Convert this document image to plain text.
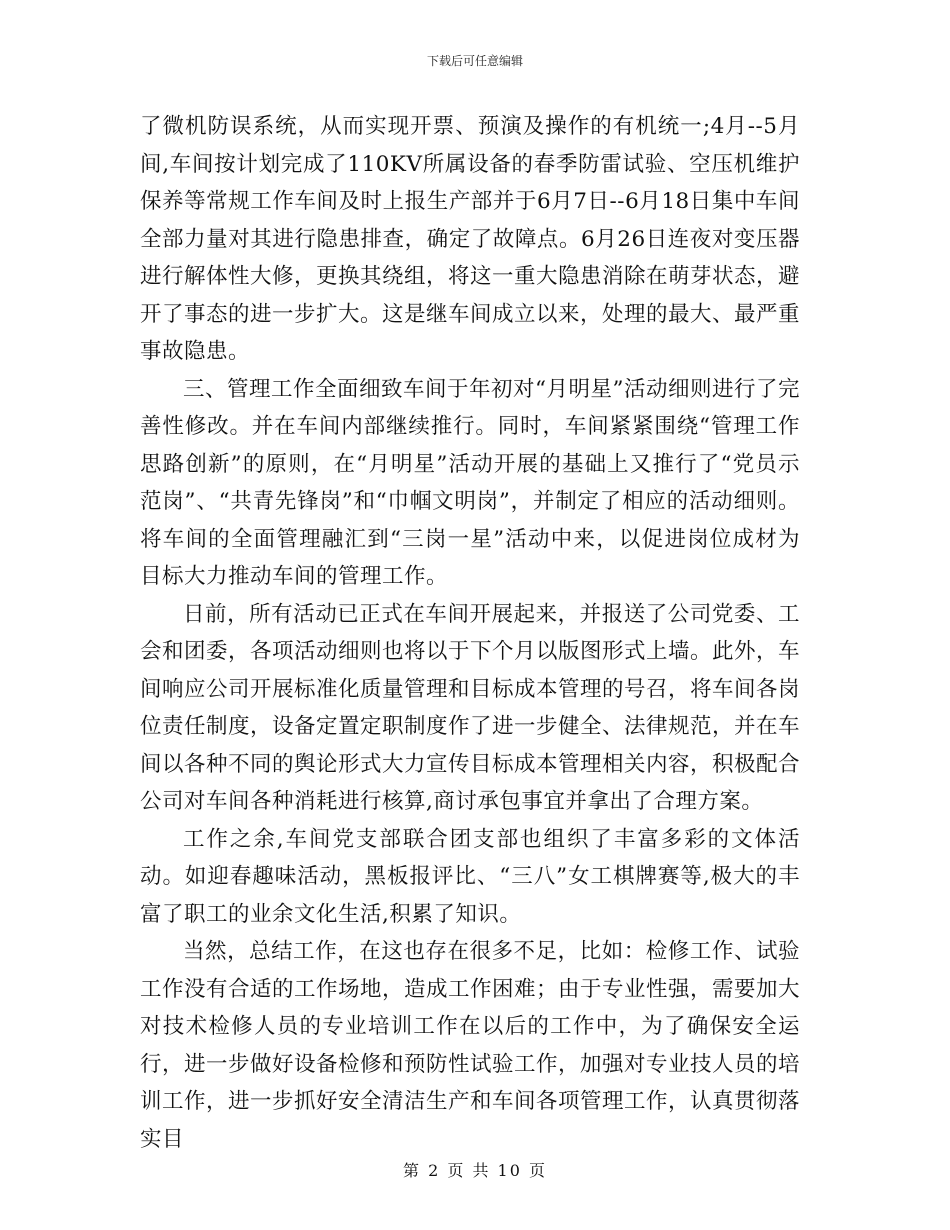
下载后可任意编辑

了微机防误系统，从而实现开票、预演及操作的有机统一;4月--5月间,车间按计划完成了110KV所属设备的春季防雷试验、空压机维护保养等常规工作车间及时上报生产部并于6月7日--6月18日集中车间全部力量对其进行隐患排查，确定了故障点。6月26日连夜对变压器进行解体性大修，更换其绕组，将这一重大隐患消除在萌芽状态，避开了事态的进一步扩大。这是继车间成立以来，处理的最大、最严重事故隐患。

三、管理工作全面细致车间于年初对“月明星”活动细则进行了完善性修改。并在车间内部继续推行。同时，车间紧紧围绕“管理工作思路创新”的原则，在“月明星”活动开展的基础上又推行了“党员示范岗”、“共青先锋岗”和“巾帼文明岗”，并制定了相应的活动细则。将车间的全面管理融汇到“三岗一星”活动中来，以促进岗位成材为目标大力推动车间的管理工作。

日前，所有活动已正式在车间开展起来，并报送了公司党委、工会和团委，各项活动细则也将以于下个月以版图形式上墙。此外，车间响应公司开展标准化质量管理和目标成本管理的号召，将车间各岗位责任制度，设备定置定职制度作了进一步健全、法律规范，并在车间以各种不同的舆论形式大力宣传目标成本管理相关内容，积极配合公司对车间各种消耗进行核算,商讨承包事宜并拿出了合理方案。

工作之余,车间党支部联合团支部也组织了丰富多彩的文体活动。如迎春趣味活动，黑板报评比、“三八”女工棋牌赛等,极大的丰富了职工的业余文化生活,积累了知识。

当然，总结工作，在这也存在很多不足，比如：检修工作、试验工作没有合适的工作场地，造成工作困难；由于专业性强，需要加大对技术检修人员的专业培训工作在以后的工作中，为了确保安全运行，进一步做好设备检修和预防性试验工作，加强对专业技人员的培训工作，进一步抓好安全清洁生产和车间各项管理工作，认真贯彻落实目

第 2 页 共 10 页
